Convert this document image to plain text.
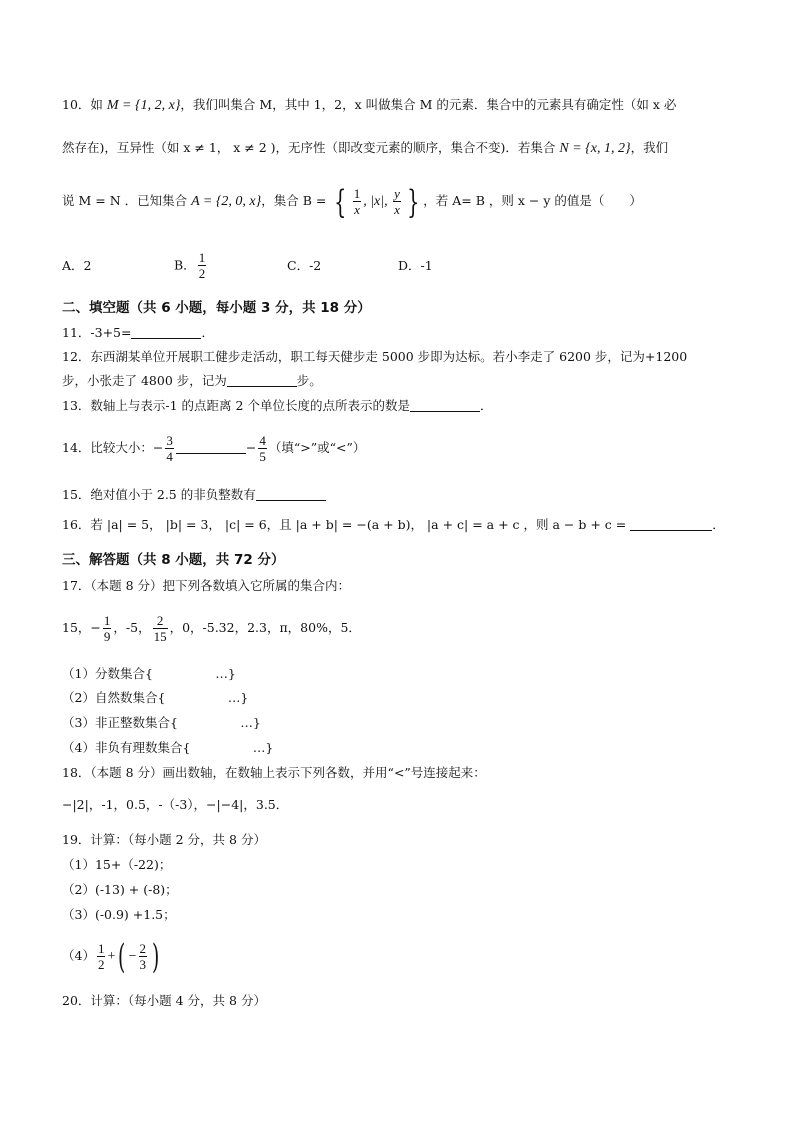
10．如 M = {1, 2, x}，我们叫集合 M，其中 1，2，x 叫做集合 M 的元素．集合中的元素具有确定性（如 x 必
然存在)，互异性（如 x ≠ 1， x ≠ 2 )，无序性（即改变元素的顺序，集合不变)．若集合 N = {x, 1, 2}，我们
说 M = N ．已知集合 A = {2, 0, x}，集合 B = { $\frac{1}{x}$ , |x|, $\frac{y}{x}$ } ，若 A= B ，则 x − y 的值是（　　）
A．2	B． $\frac{1}{2}$	C．-2	D．-1
二、填空题（共 6 小题，每小题 3 分，共 18 分）
11．-3+5=	．
12．东西湖某单位开展职工健步走活动，职工每天健步走 5000 步即为达标。若小李走了 6200 步，记为+1200
步，小张走了 4800 步，记为	步。
13．数轴上与表示-1 的点距离 2 个单位长度的点所表示的数是	．
14．比较大小：− $\frac{3}{4}$	− $\frac{4}{5}$ （填“>”或“<”）
15．绝对值小于 2.5 的非负整数有
16．若 |a| = 5， |b| = 3， |c| = 6，且 |a + b| = −(a + b)， |a + c| = a + c ，则 a − b + c =	．
三、解答题（共 8 小题，共 72 分）
17．（本题 8 分）把下列各数填入它所属的集合内：
15，− $\frac{1}{9}$ ，-5， $\frac{2}{15}$ ，0，-5.32，2.3，π，80%，5．
（1）分数集合{　　　　　…}
（2）自然数集合{　　　　　…}
（3）非正整数集合{　　　　　…}
（4）非负有理数集合{　　　　　…}
18．（本题 8 分）画出数轴，在数轴上表示下列各数，并用“<”号连接起来：
−|2|，-1，0.5，-（-3），−|−4|，3.5．
19．计算：（每小题 2 分，共 8 分）
（1）15+（-22)；
（2）(-13) + (-8)；
（3）(-0.9) +1.5；
$(4) \frac{1}{2}$ +( − $\frac{2}{3}$ )
20．计算：（每小题 4 分，共 8 分）
